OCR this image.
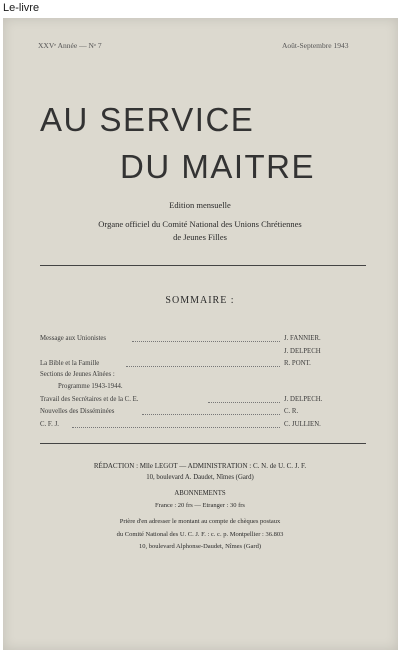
Le-livre
XXVᵉ Année — Nᵒ 7	Août-Septembre 1943
AU SERVICE
DU MAITRE
Edition mensuelle
Organe officiel du Comité National des Unions Chrétiennes
de Jeunes Filles
SOMMAIRE :
Message aux Unionistes	J. FANNIER.
J. DELPECH
La Bible et la Famille	R. PONT.
Sections de Jeunes Aînées :
Programme 1943-1944.
Travail des Secrétaires et de la C. E.	J. DELPECH.
Nouvelles des Disséminées	C. R.
C. F. J.	C. JULLIEN.
RÉDACTION : Mlle LEGOT — ADMINISTRATION : C. N. de U. C. J. F.
10, boulevard A. Daudet, Nîmes (Gard)
ABONNEMENTS
France : 20 frs — Etranger : 30 frs
Prière d'en adresser le montant au compte de chèques postaux
du Comité National des U. C. J. F. : c. c. p. Montpellier : 36.803
10, boulevard Alphonse-Daudet, Nîmes (Gard)
